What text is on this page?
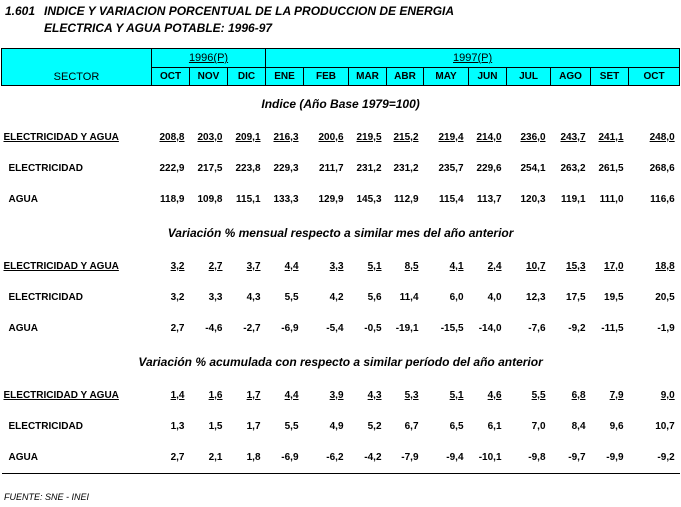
1.601 INDICE Y VARIACION PORCENTUAL DE LA PRODUCCION DE ENERGIA
ELECTRICA Y AGUA POTABLE: 1996-97
SECTOR	1996(P)			1997(P)									
	OCT	NOV	DIC	ENE	FEB	MAR	ABR	MAY	JUN	JUL	AGO	SET	OCT
Indice (Año Base 1979=100)													
ELECTRICIDAD Y AGUA	208,8	203,0	209,1	216,3	200,6	219,5	215,2	219,4	214,0	236,0	243,7	241,1	248,0
ELECTRICIDAD	222,9	217,5	223,8	229,3	211,7	231,2	231,2	235,7	229,6	254,1	263,2	261,5	268,6
AGUA	118,9	109,8	115,1	133,3	129,9	145,3	112,9	115,4	113,7	120,3	119,1	111,0	116,6
Variación % mensual respecto a similar mes del año anterior													
ELECTRICIDAD Y AGUA	3,2	2,7	3,7	4,4	3,3	5,1	8,5	4,1	2,4	10,7	15,3	17,0	18,8
ELECTRICIDAD	3,2	3,3	4,3	5,5	4,2	5,6	11,4	6,0	4,0	12,3	17,5	19,5	20,5
AGUA	2,7	-4,6	-2,7	-6,9	-5,4	-0,5	-19,1	-15,5	-14,0	-7,6	-9,2	-11,5	-1,9
Variación % acumulada con respecto a similar período del año anterior													
ELECTRICIDAD Y AGUA	1,4	1,6	1,7	4,4	3,9	4,3	5,3	5,1	4,6	5,5	6,8	7,9	9,0
ELECTRICIDAD	1,3	1,5	1,7	5,5	4,9	5,2	6,7	6,5	6,1	7,0	8,4	9,6	10,7
AGUA	2,7	2,1	1,8	-6,9	-6,2	-4,2	-7,9	-9,4	-10,1	-9,8	-9,7	-9,9	-9,2
FUENTE: SNE - INEI
